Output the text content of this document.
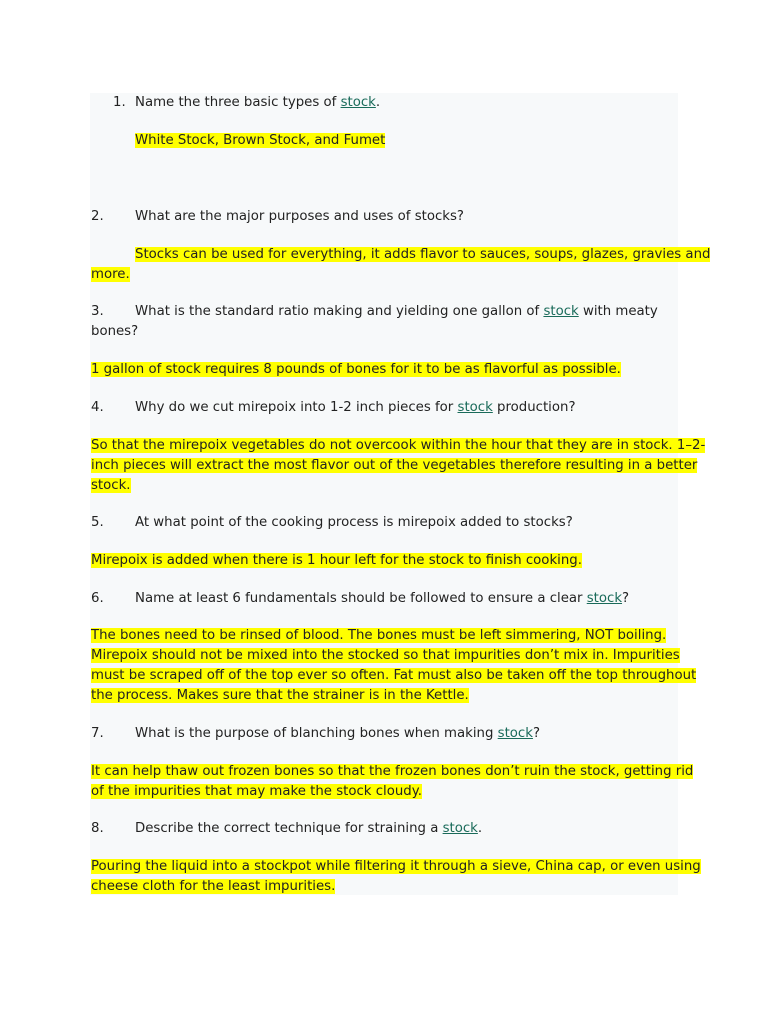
1. Name the three basic types of stock.
White Stock, Brown Stock, and Fumet
2. What are the major purposes and uses of stocks?
Stocks can be used for everything, it adds flavor to sauces, soups, glazes, gravies and
more.
3. What is the standard ratio making and yielding one gallon of stock with meaty
bones?
1 gallon of stock requires 8 pounds of bones for it to be as flavorful as possible.
4. Why do we cut mirepoix into 1-2 inch pieces for stock production?
So that the mirepoix vegetables do not overcook within the hour that they are in stock. 1–2-
inch pieces will extract the most flavor out of the vegetables therefore resulting in a better
stock.
5. At what point of the cooking process is mirepoix added to stocks?
Mirepoix is added when there is 1 hour left for the stock to finish cooking.
6. Name at least 6 fundamentals should be followed to ensure a clear stock?
The bones need to be rinsed of blood. The bones must be left simmering, NOT boiling.
Mirepoix should not be mixed into the stocked so that impurities don’t mix in. Impurities
must be scraped off of the top ever so often. Fat must also be taken off the top throughout
the process. Makes sure that the strainer is in the Kettle.
7. What is the purpose of blanching bones when making stock?
It can help thaw out frozen bones so that the frozen bones don’t ruin the stock, getting rid
of the impurities that may make the stock cloudy.
8. Describe the correct technique for straining a stock.
Pouring the liquid into a stockpot while filtering it through a sieve, China cap, or even using
cheese cloth for the least impurities.
